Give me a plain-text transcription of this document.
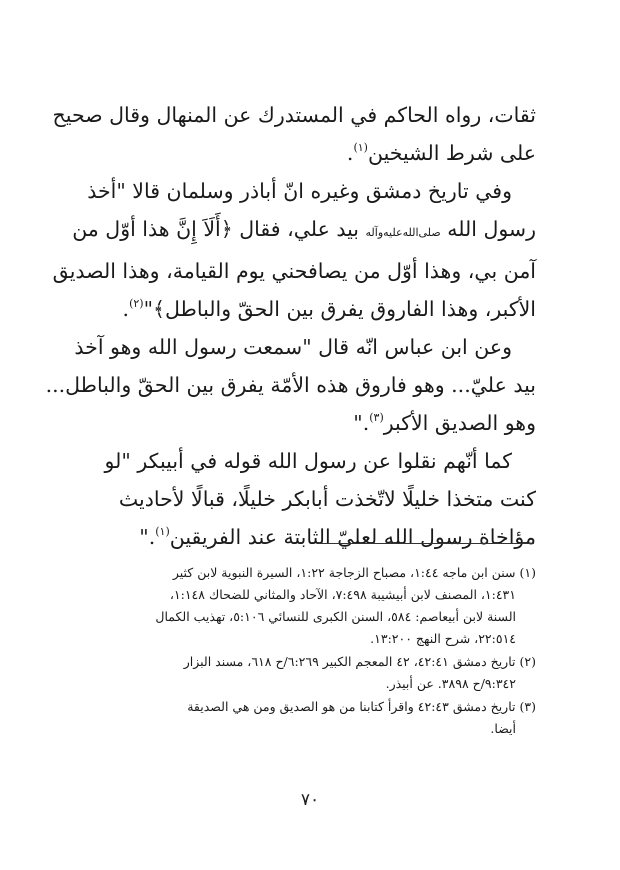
ثقات، رواه الحاكم في المستدرك عن المنهال وقال صحيح
على شرط الشيخين$^{(١)}$.

وفي تاريخ دمشق وغيره انّ أباذر وسلمان قالا "أخذ
رسول الله صلى‌الله‌عليه‌وآله بيد علي، فقال ﴿أَلَاَ إِنَّ هذا أوّل من
آمن بي، وهذا أوّل من يصافحني يوم القيامة، وهذا الصديق
الأكبر، وهذا الفاروق يفرق بين الحقّ والباطل﴾"$^{(٢)}$.

وعن ابن عباس انّه قال "سمعت رسول الله وهو آخذ
بيد عليّ... وهو فاروق هذه الأمّة يفرق بين الحقّ والباطل...
وهو الصديق الأكبر$^{(٣)}$."

كما أنّهم نقلوا عن رسول الله قوله في أبيبكر "لو
كنت متخذا خليلًا لاتّخذت أبابكر خليلًا، قبالًا لأحاديث
مؤاخاة رسول الله لعليّ الثابتة عند الفريقين$^{(١)}$."

(١) سنن ابن ماجه ١:٤٤، مصباح الزجاجة ١:٢٢، السيرة النبوية لابن كثير
١:٤٣١، المصنف لابن أبيشيبة ٧:٤٩٨، الآحاد والمثاني للضحاك ١:١٤٨،
السنة لابن أبيعاصم: ٥٨٤، السنن الكبرى للنسائي ٥:١٠٦، تهذيب الكمال
٢٢:٥١٤، شرح النهج ١٣:٢٠٠.
(٢) تاريخ دمشق ٤٢:٤١، ٤٢ المعجم الكبير ٦:٢٦٩/ح ٦١٨، مسند البزار
٩:٣٤٢/ح ٣٨٩٨. عن أبيذر.
(٣) تاريخ دمشق ٤٢:٤٣ واقرأ كتابنا من هو الصديق ومن هي الصديقة
أيضا.
٧٠
